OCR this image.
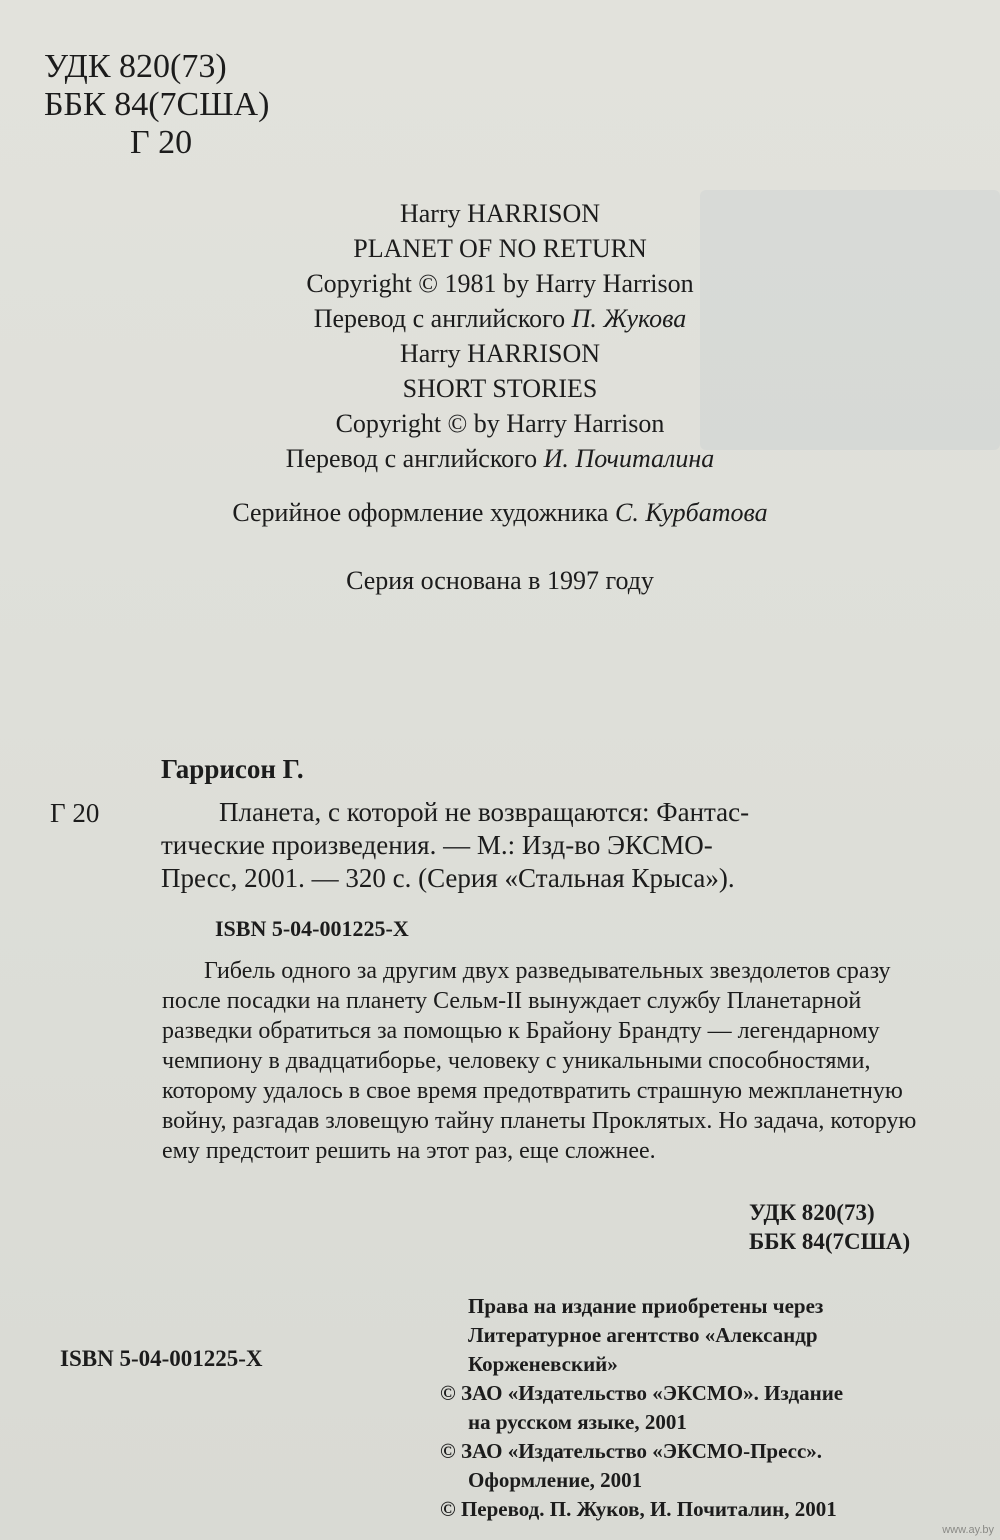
УДК 820(73)
ББК 84(7США)
Г 20
Harry HARRISON
PLANET OF NO RETURN
Copyright © 1981 by Harry Harrison
Перевод с английского П. Жукова
Harry HARRISON
SHORT STORIES
Copyright © by Harry Harrison
Перевод с английского И. Почиталина
Серийное оформление художника С. Курбатова
Серия основана в 1997 году
Гаррисон Г.
Г 20	Планета, с которой не возвращаются: Фантас-
тические произведения. — М.: Изд-во ЭКСМО-
Пресс, 2001. — 320 с. (Серия «Стальная Крыса»).
ISBN 5-04-001225-X

Гибель одного за другим двух разведывательных звездолетов сразу после посадки на планету Сельм-II вынуждает службу Планетарной разведки обратиться за помощью к Брайону Брандту — легендарному чемпиону в двадцатиборье, человеку с уникальными способностями, которому удалось в свое время предотвратить страшную межпланетную войну, разгадав зловещую тайну планеты Проклятых. Но задача, которую ему предстоит решить на этот раз, еще сложнее.

УДК 820(73)
ББК 84(7США)
ISBN 5-04-001225-X
Права на издание приобретены через
Литературное агентство «Александр
Корженевский»
© ЗАО «Издательство «ЭКСМО». Издание
на русском языке, 2001
© ЗАО «Издательство «ЭКСМО-Пресс».
Оформление, 2001
© Перевод. П. Жуков, И. Почиталин, 2001
www.ay.by
